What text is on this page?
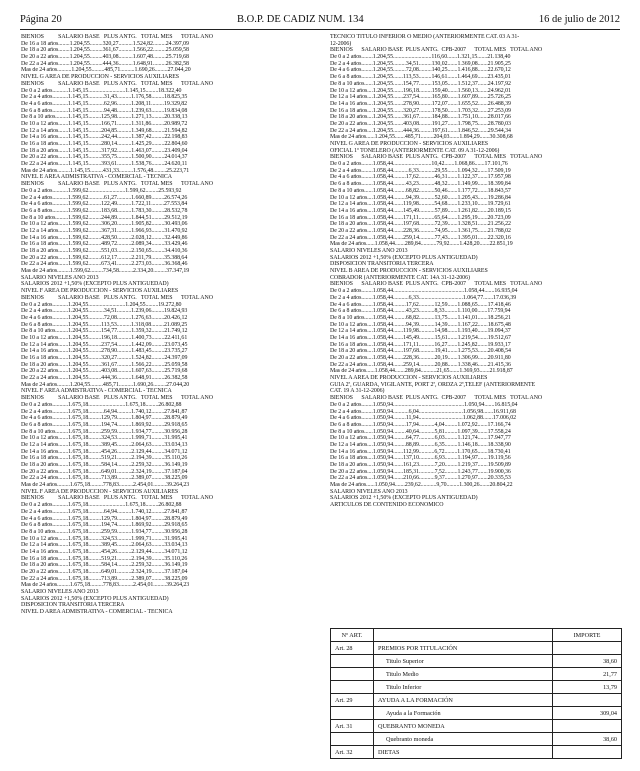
Página 20	B.O.P. DE CADIZ NUM. 134	16 de julio de 2012
BIENIOS          SALARIO BASE   PLUS ANTG.   TOTAL MES      TOTAL AÑO
De 16 a 18 años........1.204,55.........320,27..........1.524,82.........24.397,09
De 18 a 20 años........1.204,55.........361,67..........1.566,22.........25.059,58
De 20 a 22 años........1.204,55.........403,08..........1.607,48.........25.719,68
De 22 a 24 años........1.204,55.........444,36..........1.648,91.........26.382,58
Mas de 24 años..........1.204,55.........485,71..........1.690,26.........27.044,20
NIVEL G AREA DE PRODUCCION - SERVICIOS AUXILIARES
BIENIOS          SALARIO BASE   PLUS ANTG.   TOTAL MES      TOTAL AÑO
De 0 a 2 años...........1.145,15..........................1.145,15.........18.322,40
De 2 a 4 años...........1.145,15...........31,43..........1.176,58.........18.825,35
De 4 a 6 años...........1.145,15...........62,96..........1.208,11.........19.329,82
De 6 a 8 años...........1.145,15...........94,48..........1.239,63.........19.834,08
De 8 a 10 años.........1.145,15.........125,98..........1.271,13.........20.338,13
De 10 a 12 años.......1.145,15.........166,71..........1.311,86.........20.989,72
De 12 a 14 años.......1.145,15.........204,85..........1.349,68.........21.594,82
De 14 a 16 años.......1.145,15.........242,44..........1.387,42.........22.198,83
De 16 a 18 años.......1.145,15.........280,14..........1.425,29.........22.804,60
De 18 a 20 años.......1.145,15.........317,92..........1.463,07.........23.409,04
De 20 a 22 años.......1.145,15.........355,75..........1.500,90.........24.014,37
De 22 a 24 años.......1.145,15.........393,61..........1.538,76.........24.620,11
Mas de 24 años.........1.145,15.........431,33..........1.576,48.........25.223,71
NIVEL E AREA ADMISTRATIVA - COMERCIAL - TECNICA
BIENIOS          SALARIO BASE   PLUS ANTG.   TOTAL MES      TOTAL AÑO
De 0 a 2 años...........1.599,62..........................1.599,62.........25.593,92
De 2 a 4 años...........1.599,62...........61,27..........1.660,89.........26.574,26
De 4 a 6 años...........1.599,62.........122,49..........1.722,11.........27.553,84
De 6 a 8 años...........1.599,62.........183,68..........1.783,30.........28.532,78
De 8 a 10 años.........1.599,62.........244,89..........1.844,51.........29.512,19
De 10 a 12 años.......1.599,62.........306,20..........1.905,82.........30.493,06
De 12 a 14 años.......1.599,62.........367,31..........1.966,93.........31.470,92
De 14 a 16 años.......1.599,62.........428,50..........2.028,12.........32.449,86
De 16 a 18 años.......1.599,62.........489,72..........2.089,34.........33.429,46
De 18 a 20 años.......1.599,62.........551,03..........2.150,65.........34.410,36
De 20 a 22 años.......1.599,62.........612,17..........2.211,79.........35.388,64
De 22 a 24 años.......1.599,62.........673,41..........2.273,03.........36.368,46
Mas de 24 años.........1.599,62.........734,58..........2.334,20.........37.347,19
SALARIO NIVELES AÑO 2013
SALARIOS 2012 +1,50% (EXCEPTO PLUS ANTIGUEDAD)
NIVEL F AREA DE PRODUCCION - SERVICIOS AUXILIARES
BIENIOS          SALARIO BASE   PLUS ANTG.   TOTAL MES      TOTAL AÑO
De 0 a 2 años...........1.204,55..........................1.204,55.........19.272,80
De 2 a 4 años...........1.204,55...........34,51..........1.239,06.........19.824,93
De 4 a 6 años...........1.204,55...........72,08..........1.276,63.........20.426,12
De 6 a 8 años...........1.204,55.........113,53..........1.318,08.........21.089,25
De 8 a 10 años.........1.204,55.........154,77..........1.359,32.........21.749,12
De 10 a 12 años.......1.204,55.........196,18..........1.400,73.........22.411,61
De 12 a 14 años.......1.204,55.........237,54..........1.442,09.........23.073,45
De 14 a 16 años.......1.204,55.........278,90..........1.483,45.........23.735,27
De 16 a 18 años.......1.204,55.........320,27..........1.524,82.........24.397,09
De 18 a 20 años.......1.204,55.........361,67..........1.566,22.........25.059,58
De 20 a 22 años.......1.204,55.........403,08..........1.607,63.........25.719,68
De 22 a 24 años.......1.204,55.........444,36..........1.648,91.........26.382,58
Mas de 24 años.........1.204,55.........485,71..........1.690,26.........27.044,20
NIVEL F AREA ADMISTRATIVA - COMERCIAL - TECNICA
BIENIOS          SALARIO BASE   PLUS ANTG.   TOTAL MES      TOTAL AÑO
De 0 a 2 años...........1.675,18..........................1.675,18.........26.802,88
De 2 a 4 años...........1.675,18...........64,94..........1.740,12.........27.841,87
De 4 a 6 años...........1.675,18.........129,79..........1.804,97.........28.879,49
De 6 a 8 años...........1.675,18.........194,74..........1.869,92.........29.918,65
De 8 a 10 años.........1.675,18.........259,59..........1.934,77.........30.956,28
De 10 a 12 años.......1.675,18.........324,53..........1.999,71.........31.995,41
De 12 a 14 años.......1.675,18.........389,45..........2.064,63.........33.034,13
De 14 a 16 años.......1.675,18.........454,26..........2.129,44.........34.071,12
De 16 a 18 años.......1.675,18.........519,21..........2.194,39.........35.110,26
De 18 a 20 años.......1.675,18.........584,14..........2.259,32.........36.149,19
De 20 a 22 años.......1.675,18.........649,01..........2.324,19.........37.187,04
De 22 a 24 años.......1.675,18.........713,89..........2.389,07.........38.225,09
Mas de 24 años.........1.675,18.........778,83..........2.454,01.........39.264,23
NIVEL F AREA DE PRODUCCION - SERVICIOS AUXILIARES
BIENIOS          SALARIO BASE   PLUS ANTG.   TOTAL MES      TOTAL AÑO
De 0 a 2 años...........1.675,18..........................1.675,18.........26.802,88
De 2 a 4 años...........1.675,18...........64,94..........1.740,12.........27.841,87
De 4 a 6 años...........1.675,18.........129,79..........1.804,97.........28.879,49
De 6 a 8 años...........1.675,18.........194,74..........1.869,92.........29.918,65
De 8 a 10 años.........1.675,18.........259,59..........1.934,77.........30.956,28
De 10 a 12 años.......1.675,18.........324,53..........1.999,71.........31.995,41
De 12 a 14 años.......1.675,18.........389,45..........2.064,63.........33.034,13
De 14 a 16 años.......1.675,18.........454,26..........2.129,44.........34.071,12
De 16 a 18 años.......1.675,18.........519,21..........2.194,39.........35.110,26
De 18 a 20 años.......1.675,18.........584,14..........2.259,32.........36.149,19
De 20 a 22 años.......1.675,18.........649,01..........2.324,19.........37.187,04
De 22 a 24 años.......1.675,18.........713,89..........2.389,07.........38.225,09
Mas de 24 años.........1.675,18.........778,83..........2.454,01.........39.264,23
SALARIO NIVELES AÑO 2013
SALARIOS 2012 +1,50% (EXCEPTO PLUS ANTIGUEDAD)
DISPOSICION TRANSITORIA TERCERA
NIVEL D AREA ADMISTRATIVA - COMERCIAL - TECNICA
TECNICO TITULO INFERIOR O MEDIO (ANTERIORMENTE CAT. 03 A 31-
12-2006)
BIENIOS      SALARIO BASE  PLUS ANTG.  CPB-2007      TOTAL MES   TOTAL AÑO
De 0 a 2 años........1.204,55...........................116,60.......1.321,15.......21.138,40
De 2 a 4 años........1.204,55.........34,51.........130,02.......1.369,08.......21.905,25
De 4 a 6 años........1.204,55.........72,08.........140,25.......1.416,88.......22.670,12
De 6 a 8 años........1.204,55.......113,53.........146,61.......1.464,69.......23.435,01
De 8 a 10 años......1.204,55.......154,77.........153,05.......1.512,37.......24.197,92
De 10 a 12 años....1.204,55.......196,18.........159,40.......1.560,13.......24.962,01
De 12 a 14 años....1.204,55.......237,54.........165,80.......1.607,89.......25.726,25
De 14 a 16 años....1.204,55.......278,90.........172,07.......1.655,52.......26.488,39
De 16 a 18 años....1.204,55.......320,27.........178,50.......1.703,32.......27.253,09
De 18 a 20 años....1.204,55.......361,67.........184,88.......1.751,10.......28.017,66
De 20 a 22 años....1.204,55.......403,08.........191,27.......1.798,75.......28.780,03
De 22 a 24 años....1.204,55.......444,36.........197,61.......1.846,52.......29.544,34
Mas de 24 años......1.204,55.......485,71.........204,03.......1.894,29.......30.308,68
NIVEL G AREA DE PRODUCCION - SERVICIOS AUXILIARES
OFICIAL 1º TONELERO (ANTERIORMENTE CAT. 09 A 31-12-2006)
BIENIOS      SALARIO BASE  PLUS ANTG.  CPB-2007      TOTAL MES   TOTAL AÑO
De 0 a 2 años........1.058,44...........................10,42.......1.068,86.......17.101,76
De 2 a 4 años........1.058,44...........6,33...........29,55.......1.094,32.......17.509,19
De 4 a 6 años........1.058,44.........17,62...........46,31.......1.122,37.......17.957,98
De 6 a 8 años........1.058,44.........43,23...........48,32.......1.149,99.......18.399,84
De 8 a 10 años......1.058,44.........68,82...........50,46.......1.177,72.......18.843,57
De 10 a 12 años....1.058,44.........94,39...........52,60.......1.205,43.......19.286,84
De 12 a 14 años....1.058,44.......119,98...........54,68.......1.233,10.......19.729,61
De 14 a 16 años....1.058,44.......145,49...........57,89.......1.261,82.......20.189,15
De 16 a 18 años....1.058,44.......171,11...........65,64.......1.295,19.......20.723,09
De 18 a 20 años....1.058,44.......197,68...........72,39.......1.328,51.......21.256,22
De 20 a 22 años....1.058,44.......228,36...........74,95.......1.361,75.......21.788,02
De 22 a 24 años....1.058,44.......259,14...........77,43.......1.395,01.......22.320,16
Mas de 24 años......1.058,44.......289,84...........79,92.......1.428,20.......22.851,19
SALARIO NIVELES AÑO 2013
SALARIOS 2012 +1,50% (EXCEPTO PLUS ANTIGUEDAD)
DISPOSICION TRANSITORIA TERCERA
NIVEL B AREA DE PRODUCCION - SERVICIOS AUXILIARES
COBRADOR (ANTERIORMENTE CAT. 14A 31-12-2006)
BIENIOS      SALARIO BASE  PLUS ANTG.  CPB-2007      TOTAL MES   TOTAL AÑO
De 0 a 2 años........1.058,44..................................................1.058,44.......16.935,04
De 2 a 4 años........1.058,44...........6,33...............................1.064,77.......17.036,39
De 4 a 6 años........1.058,44.........17,62...........12,59.......1.088,65.......17.418,46
De 6 a 8 años........1.058,44.........43,23...........8,33.........1.110,00.......17.759,94
De 8 a 10 años......1.058,44.........68,82...........13,75.......1.141,01.......18.256,21
De 10 a 12 años....1.058,44.........94,39...........14,39.......1.167,22.......18.675,48
De 12 a 14 años....1.058,44.......119,98...........14,98.......1.193,40.......19.094,37
De 14 a 16 años....1.058,44.......145,49...........15,61.......1.219,54.......19.512,67
De 16 a 18 años....1.058,44.......171,11...........16,27.......1.245,82.......19.933,17
De 18 a 20 años....1.058,44.......197,68...........19,41.......1.275,53.......20.408,54
De 20 a 22 años....1.058,44.......228,36...........20,19.......1.306,99.......20.911,80
De 22 a 24 años....1.058,44.......259,14...........20,88.......1.338,46.......21.415,36
Mas de 24 años......1.058,44.......289,84...........21,65.......1.369,93.......21.918,87
NIVEL A AREA DE PRODUCCION - SERVICIOS AUXILIARES
GUIA 2ª, GUARDA, VIGILANTE, PORT 2ª, ORDZA 2ª,TELEF (ANTERIORMENTE
CAT. 19 A 31-12-2006)
BIENIOS      SALARIO BASE  PLUS ANTG.  CPB-2007      TOTAL MES   TOTAL AÑO
De 0 a 2 años........1.050,94..................................................1.050,94.......16.815,04
De 2 a 4 años........1.050,94...........6,04...............................1.056,98.......16.911,68
De 4 a 6 años........1.050,94.........11,94...............................1.062,88.......17.006,02
De 6 a 8 años........1.050,94.........17,94...........4,04.........1.072,92.......17.166,74
De 8 a 10 años......1.050,94.........40,64...........5,81.........1.097,39.......17.558,24
De 10 a 12 años....1.050,94.........64,77...........6,03.........1.121,74.......17.947,77
De 12 a 14 años....1.050,94.........88,89...........6,35.........1.146,18.......18.338,90
De 14 a 16 años....1.050,94.......112,99...........6,72.........1.170,65.......18.730,41
De 16 a 18 años....1.050,94.......137,10...........6,93.........1.194,97.......19.119,56
De 18 a 20 años....1.050,94.......161,23...........7,20.........1.219,37.......19.509,89
De 20 a 22 años....1.050,94.......185,31...........7,52.........1.243,77.......19.900,36
De 22 a 24 años....1.050,94.......210,66...........9,37.........1.270,97.......20.335,53
Mas de 24 años......1.050,94.......239,62...........9,70.........1.300,26.......20.804,22
SALARIO NIVELES AÑO 2013
SALARIOS 2012 +1,50% (EXCEPTO PLUS ANTIGUEDAD)
ARTICULOS DE CONTENIDO ECONOMICO
Nº ART.		IMPORTE
Art. 28	PREMIOS POR TITULACIÓN	
	Titulo Superior	38,60
	Titulo Medio	21,77
	Titulo Inferior	13,79
Art. 29	AYUDA A LA FORMACIÓN	
	Ayuda a la Formación	309,04
Art. 31	QUEBRANTO MONEDA	
	Quebranto moneda	38,60
Art. 32	DIETAS	
